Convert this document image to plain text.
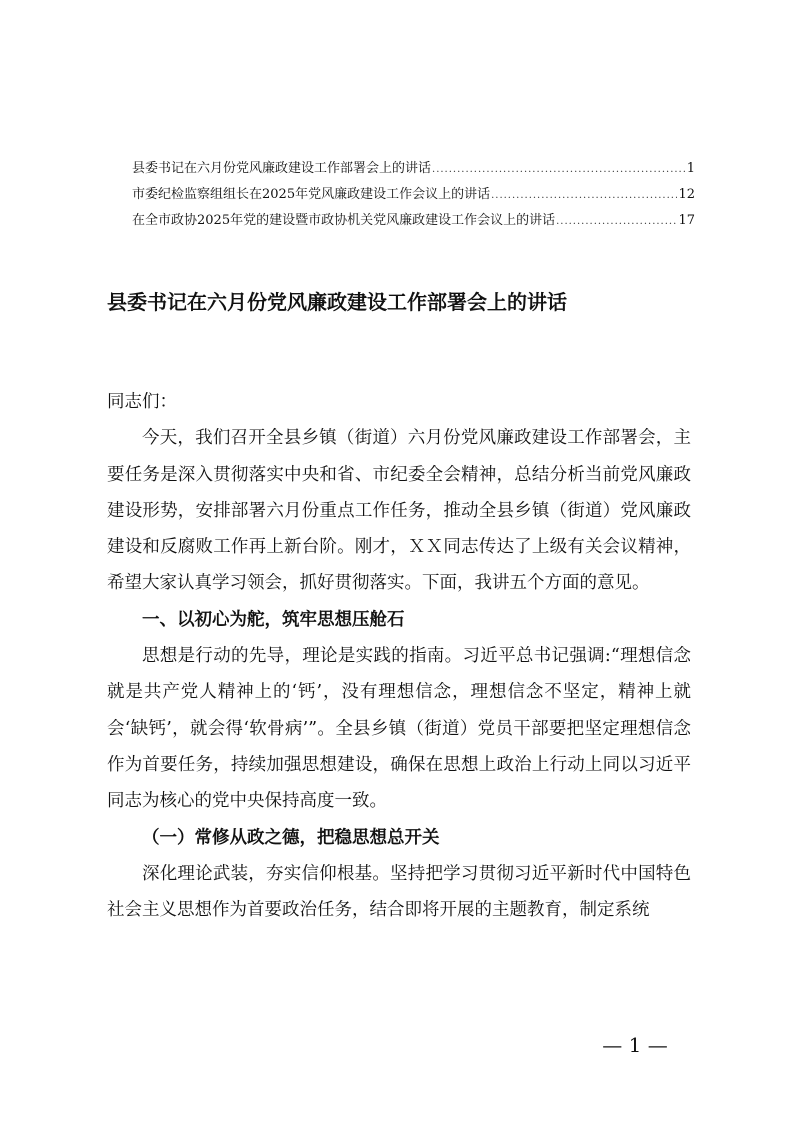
县委书记在六月份党风廉政建设工作部署会上的讲话 .....	1
市委纪检监察组组长在2025年党风廉政建设工作会议上的讲话 .....	12
在全市政协2025年党的建设暨市政协机关党风廉政建设工作会议上的讲话 .....	17
县委书记在六月份党风廉政建设工作部署会上的讲话

同志们：

今天，我们召开全县乡镇（街道）六月份党风廉政建设工作部署会，主要任务是深入贯彻落实中央和省、市纪委全会精神，总结分析当前党风廉政建设形势，安排部署六月份重点工作任务，推动全县乡镇（街道）党风廉政建设和反腐败工作再上新台阶。刚才，ＸＸ同志传达了上级有关会议精神，希望大家认真学习领会，抓好贯彻落实。下面，我讲五个方面的意见。

一、以初心为舵，筑牢思想压舱石

思想是行动的先导，理论是实践的指南。习近平总书记强调:“理想信念就是共产党人精神上的‘钙’，没有理想信念，理想信念不坚定，精神上就会‘缺钙’，就会得‘软骨病’”。全县乡镇（街道）党员干部要把坚定理想信念作为首要任务，持续加强思想建设，确保在思想上政治上行动上同以习近平同志为核心的党中央保持高度一致。

（一）常修从政之德，把稳思想总开关

深化理论武装，夯实信仰根基。坚持把学习贯彻习近平新时代中国特色社会主义思想作为首要政治任务，结合即将开展的主题教育，制定系统

— 1 —
